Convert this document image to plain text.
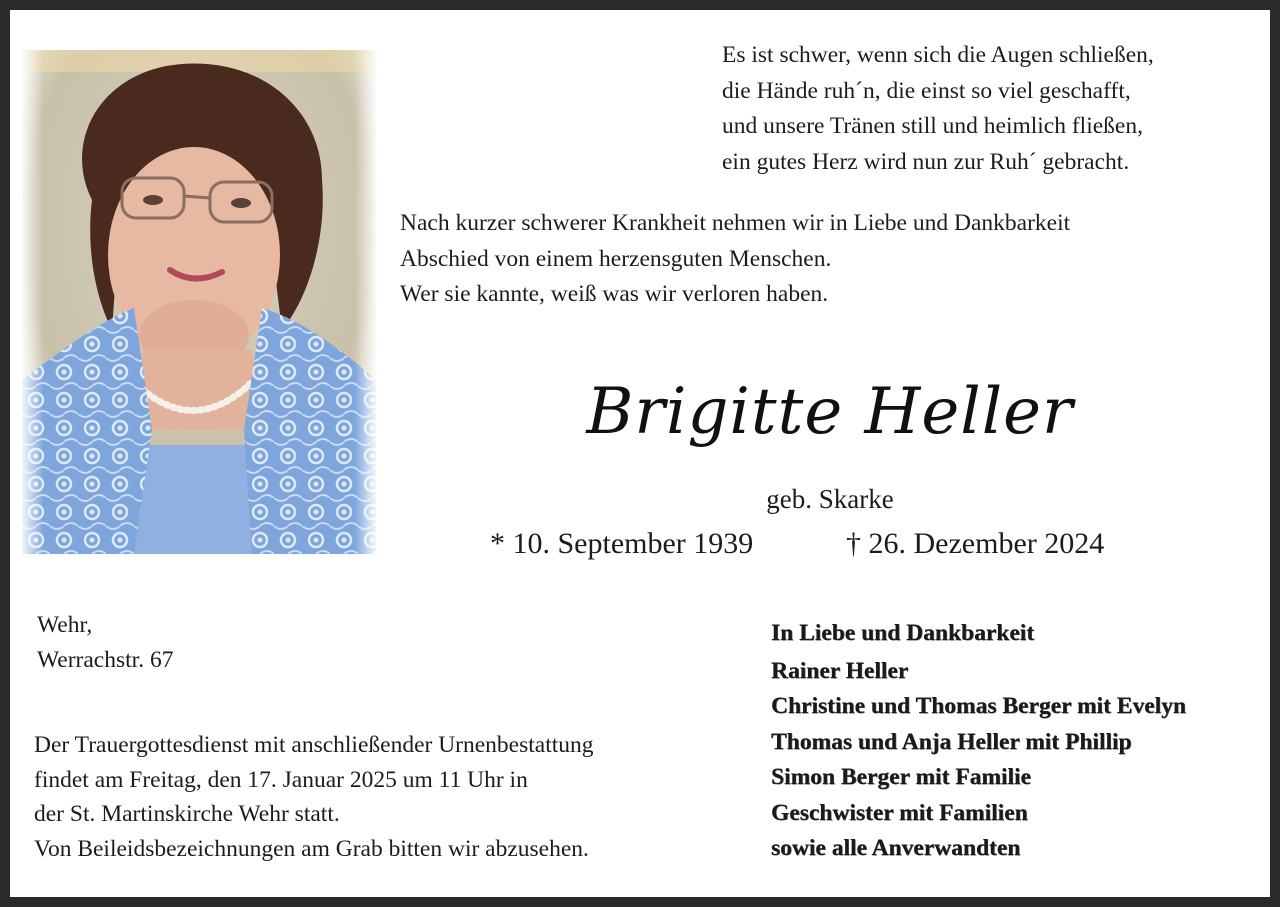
Es ist schwer, wenn sich die Augen schließen,
die Hände ruh´n, die einst so viel geschafft,
und unsere Tränen still und heimlich fließen,
ein gutes Herz wird nun zur Ruh´ gebracht.
Nach kurzer schwerer Krankheit nehmen wir in Liebe und Dankbarkeit
Abschied von einem herzensguten Menschen.
Wer sie kannte, weiß was wir verloren haben.
Brigitte Heller
geb. Skarke
* 10. September 1939	† 26. Dezember 2024
Wehr,
Werrachstr. 67
Der Trauergottesdienst mit anschließender Urnenbestattung
findet am Freitag, den 17. Januar 2025 um 11 Uhr in
der St. Martinskirche Wehr statt.
Von Beileidsbezeichnungen am Grab bitten wir abzusehen.
In Liebe und Dankbarkeit
Rainer Heller
Christine und Thomas Berger mit Evelyn
Thomas und Anja Heller mit Phillip
Simon Berger mit Familie
Geschwister mit Familien
sowie alle Anverwandten
